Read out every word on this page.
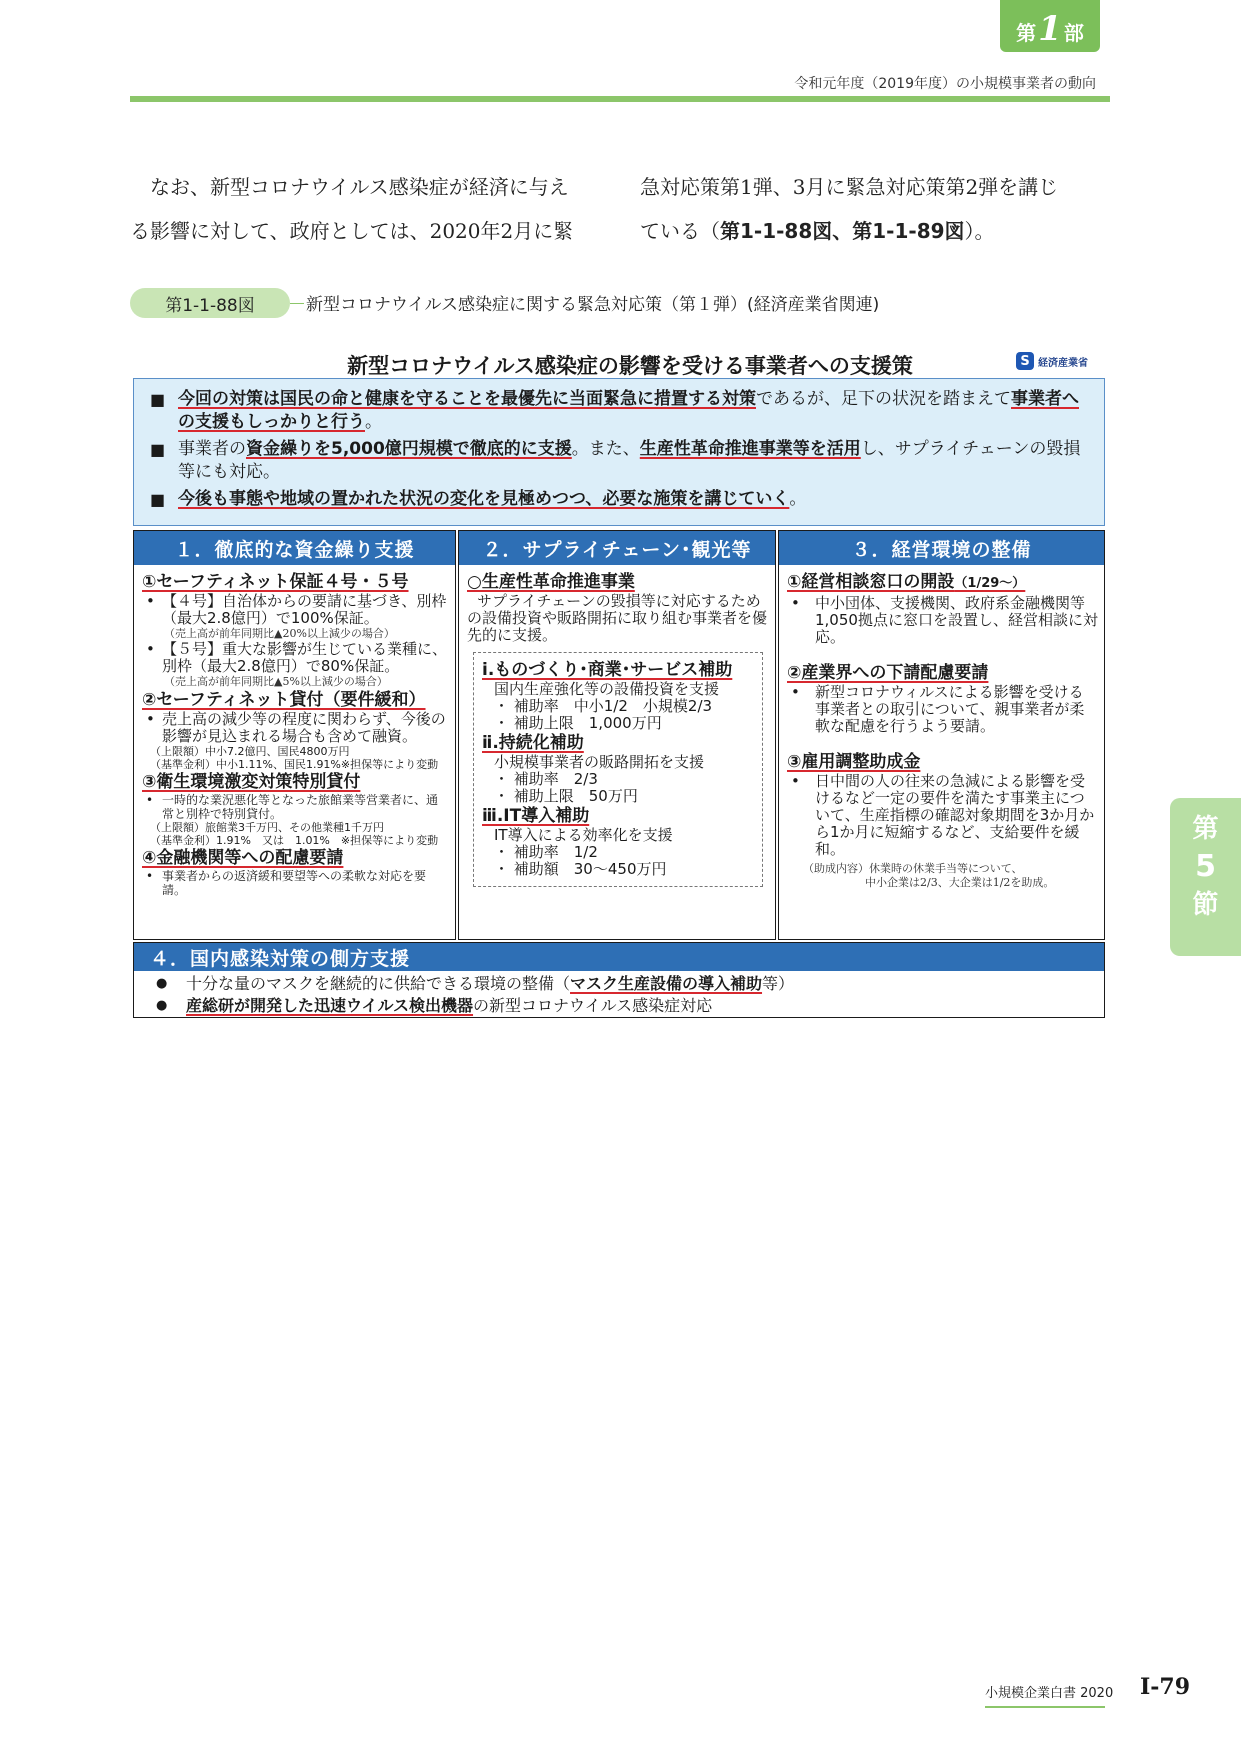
第 1 部
令和元年度（2019年度）の小規模事業者の動向
なお、新型コロナウイルス感染症が経済に与え
る影響に対して、政府としては、2020年2月に緊
急対応策第1弾、3月に緊急対応策第2弾を講じ
ている（第1-1-88図、第1-1-89図）。
第1-1-88図	新型コロナウイルス感染症に関する緊急対応策（第１弾）(経済産業省関連)
新型コロナウイルス感染症の影響を受ける事業者への支援策	S 経済産業省
■ 今回の対策は国民の命と健康を守ることを最優先に当面緊急に措置する対策であるが、足下の状況を踏まえて事業者への支援もしっかりと行う。
■ 事業者の資金繰りを5,000億円規模で徹底的に支援。また、生産性革命推進事業等を活用し、サプライチェーンの毀損等にも対応。
■ 今後も事態や地域の置かれた状況の変化を見極めつつ、必要な施策を講じていく。
１．徹底的な資金繰り支援
①セーフティネット保証４号・５号
• 【４号】自治体からの要請に基づき、別枠（最大2.8億円）で100%保証。
（売上高が前年同期比▲20%以上減少の場合）
• 【５号】重大な影響が生じている業種に、別枠（最大2.8億円）で80%保証。
（売上高が前年同期比▲5%以上減少の場合）
②セーフティネット貸付（要件緩和）
• 売上高の減少等の程度に関わらず、今後の影響が見込まれる場合も含めて融資。
（上限額）中小7.2億円、国民4800万円
（基準金利）中小1.11%、国民1.91%※担保等により変動
③衛生環境激変対策特別貸付
• 一時的な業況悪化等となった旅館業等営業者に、通常と別枠で特別貸付。
（上限額）旅館業3千万円、その他業種1千万円
（基準金利）1.91%　又は　1.01%　※担保等により変動
④金融機関等への配慮要請
• 事業者からの返済緩和要望等への柔軟な対応を要請。
２．サプライチェーン･観光等
○生産性革命推進事業
サプライチェーンの毀損等に対応するための設備投資や販路開拓に取り組む事業者を優先的に支援。
ⅰ.ものづくり･商業･サービス補助
国内生産強化等の設備投資を支援
・ 補助率　中小1/2　小規模2/3
・ 補助上限　1,000万円
ⅱ.持続化補助
小規模事業者の販路開拓を支援
・ 補助率　2/3
・ 補助上限　50万円
ⅲ.IT導入補助
IT導入による効率化を支援
・ 補助率　1/2
・ 補助額　30～450万円
３．経営環境の整備
①経営相談窓口の開設（1/29～）
• 中小団体、支援機関、政府系金融機関等1,050拠点に窓口を設置し、経営相談に対応。
②産業界への下請配慮要請
• 新型コロナウィルスによる影響を受ける事業者との取引について、親事業者が柔軟な配慮を行うよう要請。
③雇用調整助成金
• 日中間の人の往来の急減による影響を受けるなど一定の要件を満たす事業主について、生産指標の確認対象期間を3か月から1か月に短縮するなど、支給要件を緩和。
（助成内容）休業時の休業手当等について、
中小企業は2/3、大企業は1/2を助成。
４．国内感染対策の側方支援
● 十分な量のマスクを継続的に供給できる環境の整備（マスク生産設備の導入補助等）
● 産総研が開発した迅速ウイルス検出機器の新型コロナウイルス感染症対応
第
5
節
小規模企業白書 2020 Ⅰ-79
